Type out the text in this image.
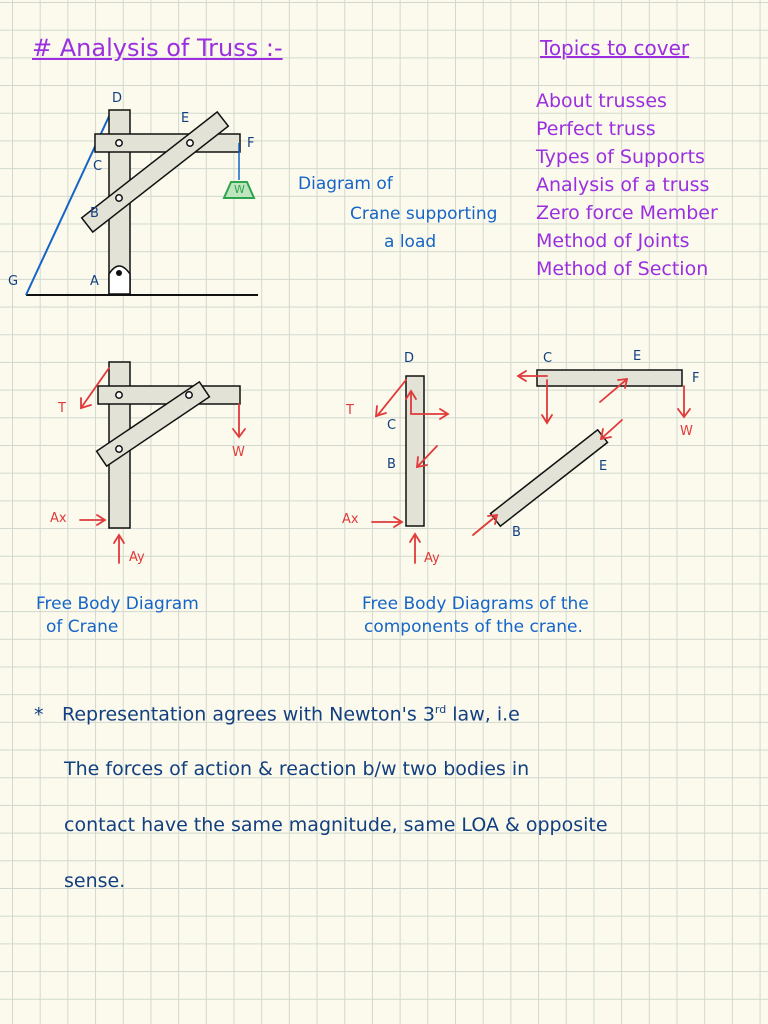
# Analysis of Truss :-	Topics to cover
About trusses
Perfect truss
Types of Supports
Analysis of a truss
Zero force Member
Method of Joints
Method of Section
Diagram of
Crane supporting
a load
D
E
F
C
B
A
G
W
T
W
Ax
Ay
D
C
B
T
Ax
Ay
C	E
F
W
E
B
Free Body Diagram
of Crane
Free Body Diagrams of the
components of the crane.
* Representation agrees with Newton's 3rd law, i.e
The forces of action & reaction b/w two bodies in
contact have the same magnitude, same LOA & opposite
sense.
